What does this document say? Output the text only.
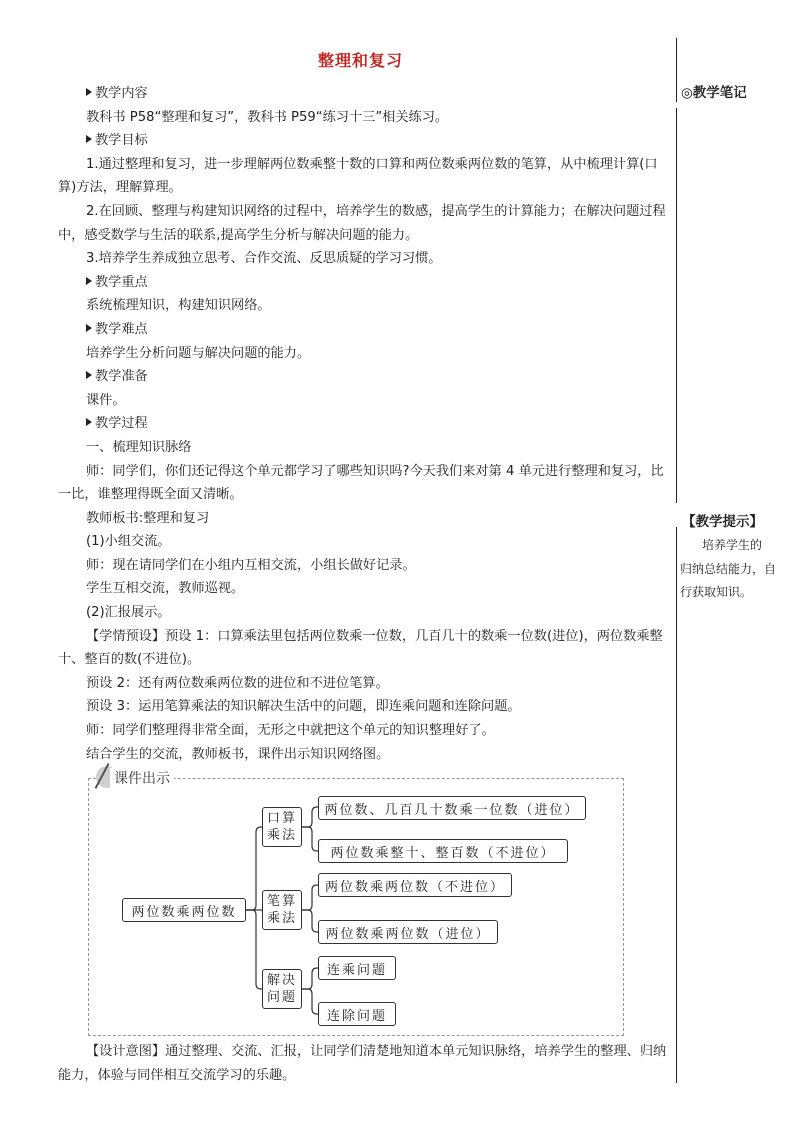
整理和复习
◎教学笔记
【教学提示】
培养学生的
归纳总结能力，自
行获取知识。

教学内容

教科书 P58“整理和复习”，教科书 P59“练习十三”相关练习。

教学目标

1.通过整理和复习，进一步理解两位数乘整十数的口算和两位数乘两位数的笔算，从中梳理计算(口算)方法，理解算理。

2.在回顾、整理与构建知识网络的过程中，培养学生的数感，提高学生的计算能力；在解决问题过程中，感受数学与生活的联系,提高学生分析与解决问题的能力。

3.培养学生养成独立思考、合作交流、反思质疑的学习习惯。

教学重点

系统梳理知识，构建知识网络。

教学难点

培养学生分析问题与解决问题的能力。

教学准备

课件。

教学过程

一、梳理知识脉络

师：同学们，你们还记得这个单元都学习了哪些知识吗?今天我们来对第 4 单元进行整理和复习，比一比，谁整理得既全面又清晰。

教师板书:整理和复习

(1)小组交流。

师：现在请同学们在小组内互相交流，小组长做好记录。

学生互相交流，教师巡视。

(2)汇报展示。

【学情预设】预设 1：口算乘法里包括两位数乘一位数，几百几十的数乘一位数(进位)，两位数乘整十、整百的数(不进位)。

预设 2：还有两位数乘两位数的进位和不进位笔算。

预设 3：运用笔算乘法的知识解决生活中的问题，即连乘问题和连除问题。

师：同学们整理得非常全面，无形之中就把这个单元的知识整理好了。

结合学生的交流，教师板书，课件出示知识网络图。

课件出示
两位数乘两位数
口算
乘法
笔算
乘法
解决
问题
两位数、几百几十数乘一位数（进位）
两位数乘整十、整百数（不进位）
两位数乘两位数（不进位）
两位数乘两位数（进位）
连乘问题
连除问题

【设计意图】通过整理、交流、汇报，让同学们清楚地知道本单元知识脉络，培养学生的整理、归纳能力，体验与同伴相互交流学习的乐趣。
